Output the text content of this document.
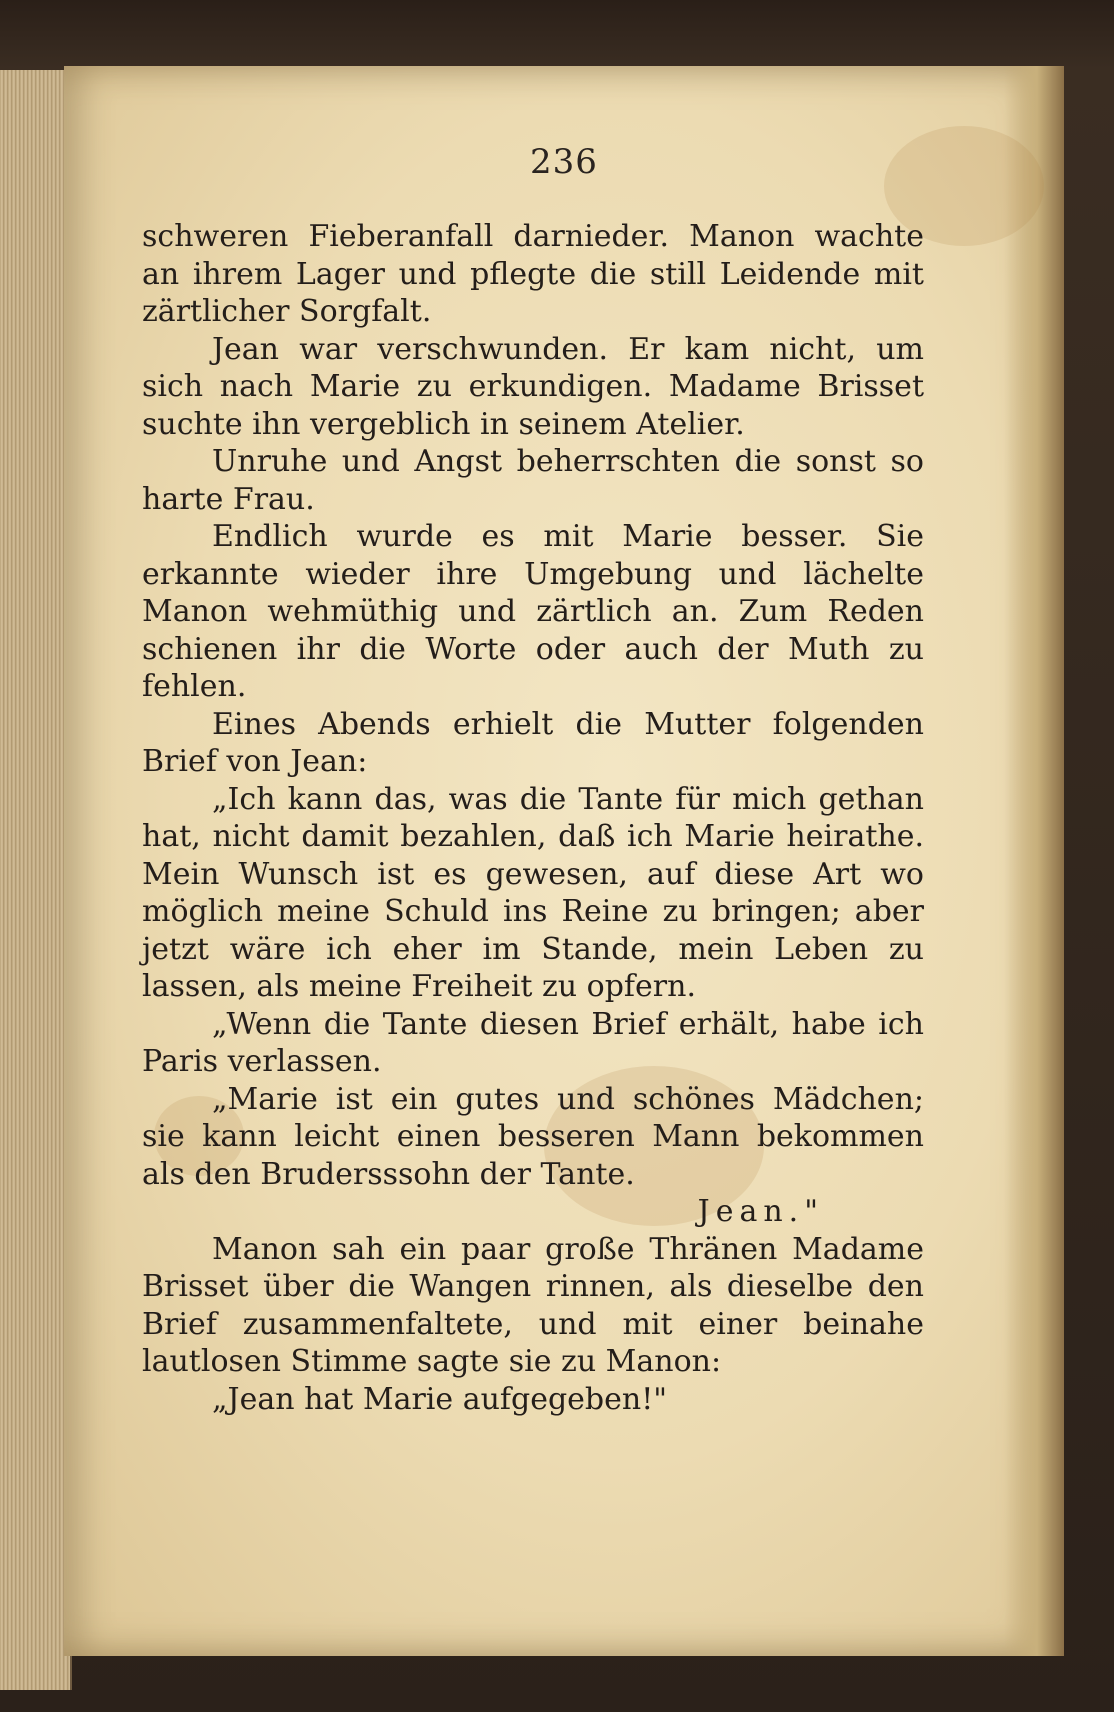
236

schweren Fieberanfall darnieder. Manon wachte an ihrem Lager und pflegte die still Leidende mit zärtlicher Sorgfalt.

Jean war verschwunden. Er kam nicht, um sich nach Marie zu erkundigen. Madame Brisset suchte ihn vergeblich in seinem Atelier.

Unruhe und Angst beherrschten die sonst so harte Frau.

Endlich wurde es mit Marie besser. Sie erkannte wieder ihre Umgebung und lächelte Manon wehmüthig und zärtlich an. Zum Reden schienen ihr die Worte oder auch der Muth zu fehlen.

Eines Abends erhielt die Mutter folgenden Brief von Jean:

„Ich kann das, was die Tante für mich gethan hat, nicht damit bezahlen, daß ich Marie heirathe. Mein Wunsch ist es gewesen, auf diese Art wo möglich meine Schuld ins Reine zu bringen; aber jetzt wäre ich eher im Stande, mein Leben zu lassen, als meine Freiheit zu opfern.

„Wenn die Tante diesen Brief erhält, habe ich Paris verlassen.

„Marie ist ein gutes und schönes Mädchen; sie kann leicht einen besseren Mann bekommen als den Brudersssohn der Tante.

Jean."

Manon sah ein paar große Thränen Madame Brisset über die Wangen rinnen, als dieselbe den Brief zusammenfaltete, und mit einer beinahe lautlosen Stimme sagte sie zu Manon:

„Jean hat Marie aufgegeben!"
